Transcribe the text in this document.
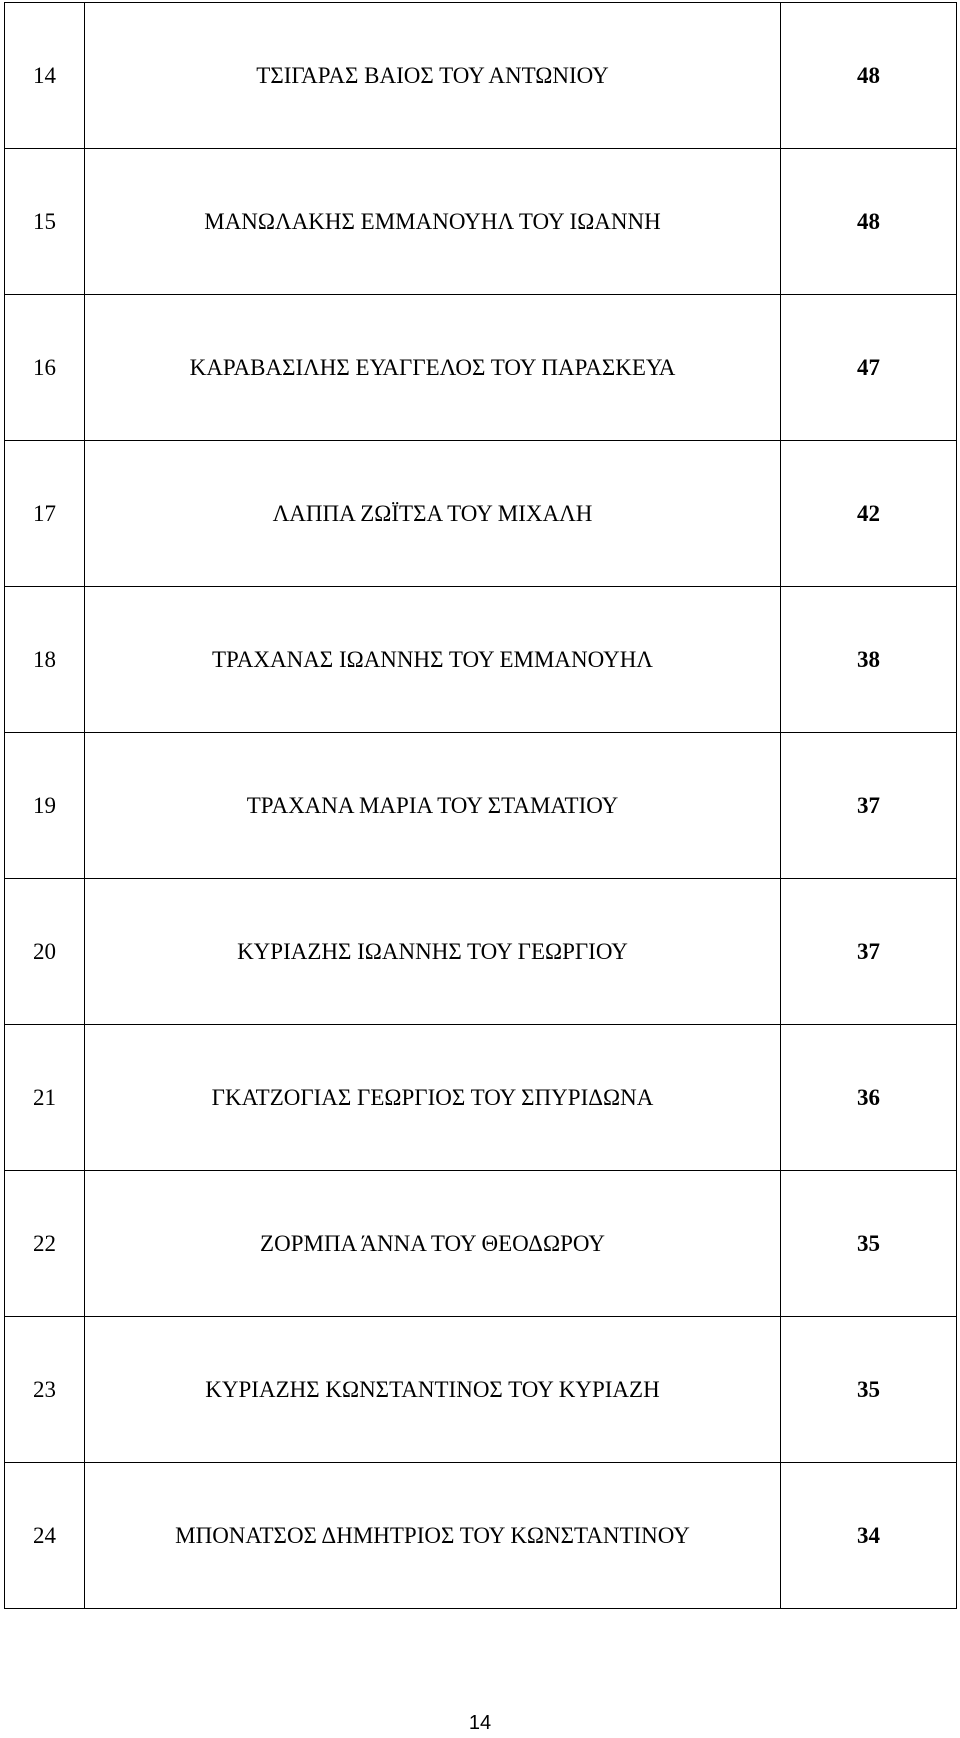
14	ΤΣΙΓΑΡΑΣ ΒΑΙΟΣ ΤΟΥ ΑΝΤΩΝΙΟΥ	48
15	ΜΑΝΩΛΑΚΗΣ ΕΜΜΑΝΟΥΗΛ ΤΟΥ ΙΩΑΝΝΗ	48
16	ΚΑΡΑΒΑΣΙΛΗΣ ΕΥΑΓΓΕΛΟΣ ΤΟΥ ΠΑΡΑΣΚΕΥΑ	47
17	ΛΑΠΠΑ ΖΩΪΤΣΑ ΤΟΥ ΜΙΧΑΛΗ	42
18	ΤΡΑΧΑΝΑΣ ΙΩΑΝΝΗΣ ΤΟΥ ΕΜΜΑΝΟΥΗΛ	38
19	ΤΡΑΧΑΝΑ ΜΑΡΙΑ ΤΟΥ ΣΤΑΜΑΤΙΟΥ	37
20	ΚΥΡΙΑΖΗΣ ΙΩΑΝΝΗΣ ΤΟΥ ΓΕΩΡΓΙΟΥ	37
21	ΓΚΑΤΖΟΓΙΑΣ ΓΕΩΡΓΙΟΣ ΤΟΥ ΣΠΥΡΙΔΩΝΑ	36
22	ΖΟΡΜΠΑ ΆΝΝΑ ΤΟΥ ΘΕΟΔΩΡΟΥ	35
23	ΚΥΡΙΑΖΗΣ ΚΩΝΣΤΑΝΤΙΝΟΣ ΤΟΥ ΚΥΡΙΑΖΗ	35
24	ΜΠΟΝΑΤΣΟΣ ΔΗΜΗΤΡΙΟΣ ΤΟΥ ΚΩΝΣΤΑΝΤΙΝΟΥ	34
14
